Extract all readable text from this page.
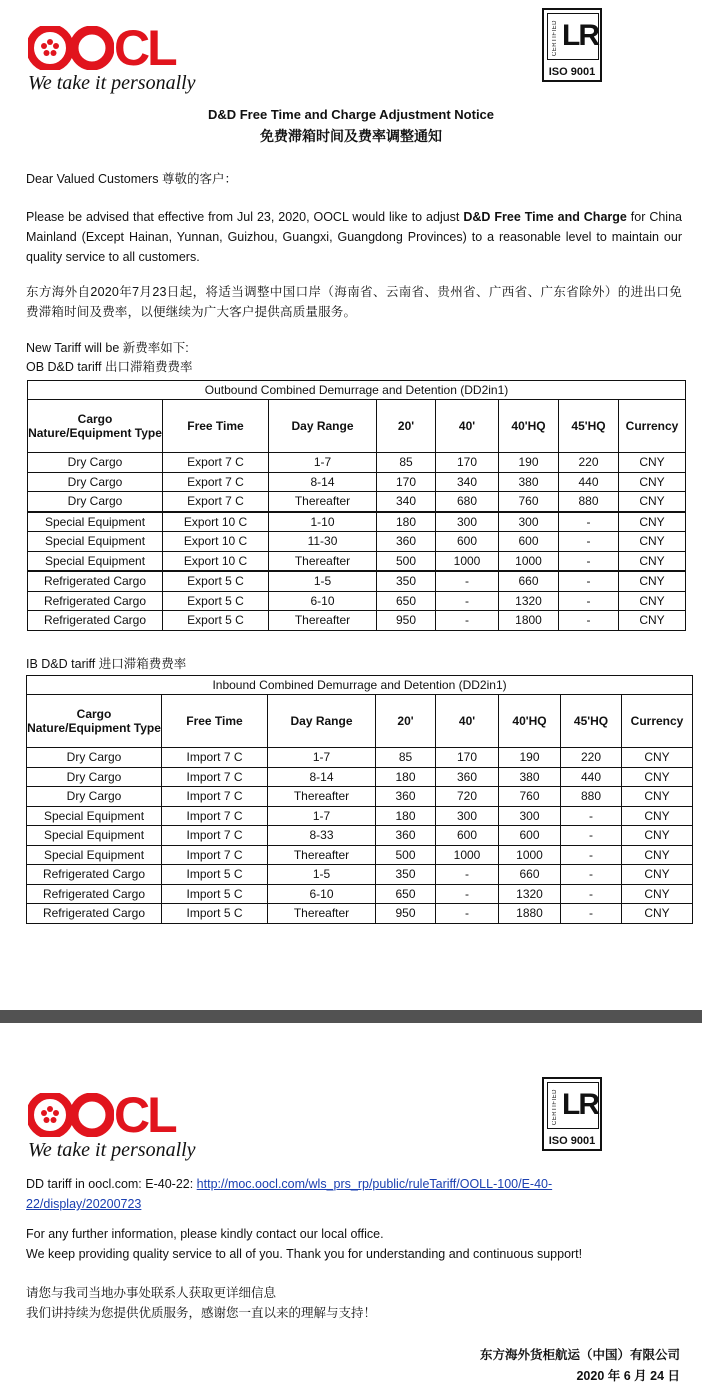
CL
We take it personally
CERTIFIED LR
ISO 9001
D&D Free Time and Charge Adjustment Notice
免费滞箱时间及费率调整通知
Dear Valued Customers 尊敬的客户：
Please be advised that effective from Jul 23, 2020, OOCL would like to adjust D&D Free Time and Charge for China Mainland (Except Hainan, Yunnan, Guizhou, Guangxi, Guangdong Provinces) to a reasonable level to maintain our quality service to all customers.
东方海外自2020年7月23日起，将适当调整中国口岸（海南省、云南省、贵州省、广西省、广东省除外）的进出口免费滞箱时间及费率，以便继续为广大客户提供高质量服务。
New Tariff will be 新费率如下:
OB D&D tariff 出口滞箱费费率
Outbound Combined Demurrage and Detention (DD2in1)							
Cargo Nature/Equipment Type	Free Time	Day Range	20'	40'	40'HQ	45'HQ	Currency
Dry Cargo	Export 7 C	1-7	85	170	190	220	CNY
Dry Cargo	Export 7 C	8-14	170	340	380	440	CNY
Dry Cargo	Export 7 C	Thereafter	340	680	760	880	CNY
Special Equipment	Export 10 C	1-10	180	300	300	-	CNY
Special Equipment	Export 10 C	11-30	360	600	600	-	CNY
Special Equipment	Export 10 C	Thereafter	500	1000	1000	-	CNY
Refrigerated Cargo	Export 5 C	1-5	350	-	660	-	CNY
Refrigerated Cargo	Export 5 C	6-10	650	-	1320	-	CNY
Refrigerated Cargo	Export 5 C	Thereafter	950	-	1800	-	CNY
IB D&D tariff 进口滞箱费费率
Inbound Combined Demurrage and Detention (DD2in1)							
Cargo Nature/Equipment Type	Free Time	Day Range	20'	40'	40'HQ	45'HQ	Currency
Dry Cargo	Import 7 C	1-7	85	170	190	220	CNY
Dry Cargo	Import 7 C	8-14	180	360	380	440	CNY
Dry Cargo	Import 7 C	Thereafter	360	720	760	880	CNY
Special Equipment	Import 7 C	1-7	180	300	300	-	CNY
Special Equipment	Import 7 C	8-33	360	600	600	-	CNY
Special Equipment	Import 7 C	Thereafter	500	1000	1000	-	CNY
Refrigerated Cargo	Import 5 C	1-5	350	-	660	-	CNY
Refrigerated Cargo	Import 5 C	6-10	650	-	1320	-	CNY
Refrigerated Cargo	Import 5 C	Thereafter	950	-	1880	-	CNY
CL
We take it personally
CERTIFIED LR
ISO 9001
DD tariff in oocl.com: E-40-22: http://moc.oocl.com/wls_prs_rp/public/ruleTariff/OOLL-100/E-40-
22/display/20200723
For any further information, please kindly contact our local office.
We keep providing quality service to all of you. Thank you for understanding and continuous support!
请您与我司当地办事处联系人获取更详细信息
我们讲持续为您提供优质服务，感谢您一直以来的理解与支持！
东方海外货柜航运（中国）有限公司
2020 年 6 月 24 日
